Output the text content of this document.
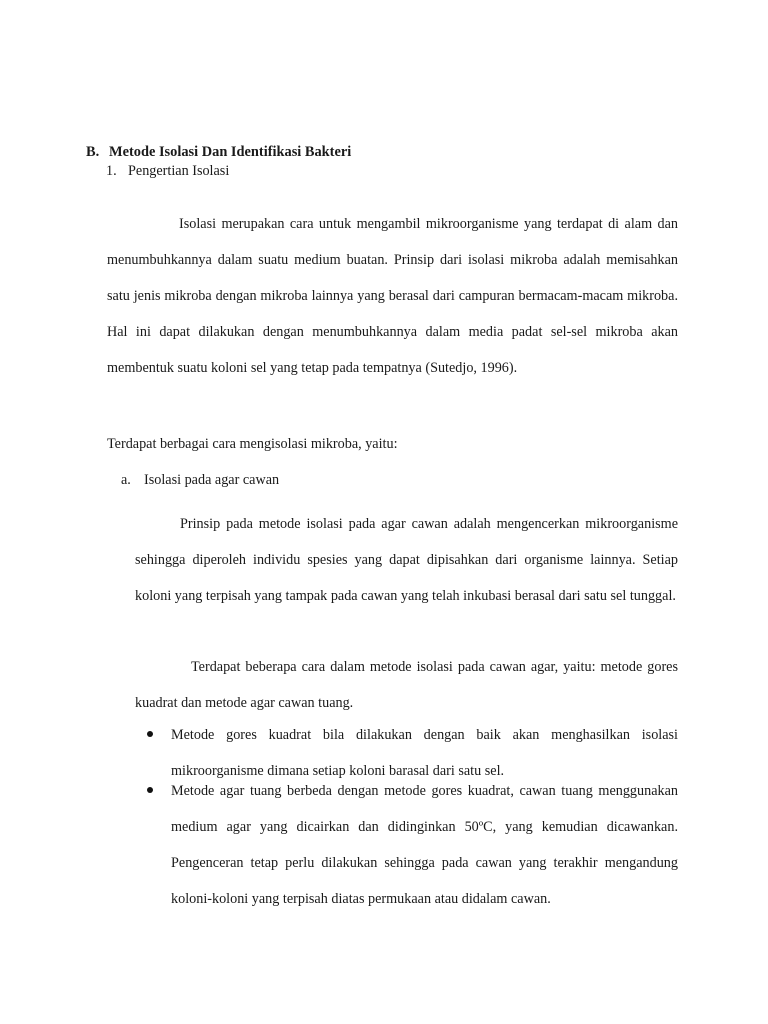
B. Metode Isolasi Dan Identifikasi Bakteri
1. Pengertian Isolasi

Isolasi merupakan cara untuk mengambil mikroorganisme yang terdapat di alam dan menumbuhkannya dalam suatu medium buatan. Prinsip dari isolasi mikroba adalah memisahkan satu jenis mikroba dengan mikroba lainnya yang berasal dari campuran bermacam-macam mikroba. Hal ini dapat dilakukan dengan menumbuhkannya dalam media padat sel-sel mikroba akan membentuk suatu koloni sel yang tetap pada tempatnya (Sutedjo, 1996).

Terdapat berbagai cara mengisolasi mikroba, yaitu:

a. Isolasi pada agar cawan

Prinsip pada metode isolasi pada agar cawan adalah mengencerkan mikroorganisme sehingga diperoleh individu spesies yang dapat dipisahkan dari organisme lainnya. Setiap koloni yang terpisah yang tampak pada cawan yang telah inkubasi berasal dari satu sel tunggal.

Terdapat beberapa cara dalam metode isolasi pada cawan agar, yaitu: metode gores kuadrat dan metode agar cawan tuang.

Metode gores kuadrat bila dilakukan dengan baik akan menghasilkan isolasi mikroorganisme dimana setiap koloni barasal dari satu sel.
Metode agar tuang berbeda dengan metode gores kuadrat, cawan tuang menggunakan medium agar yang dicairkan dan didinginkan 50ºC, yang kemudian dicawankan. Pengenceran tetap perlu dilakukan sehingga pada cawan yang terakhir mengandung koloni-koloni yang terpisah diatas permukaan atau didalam cawan.
